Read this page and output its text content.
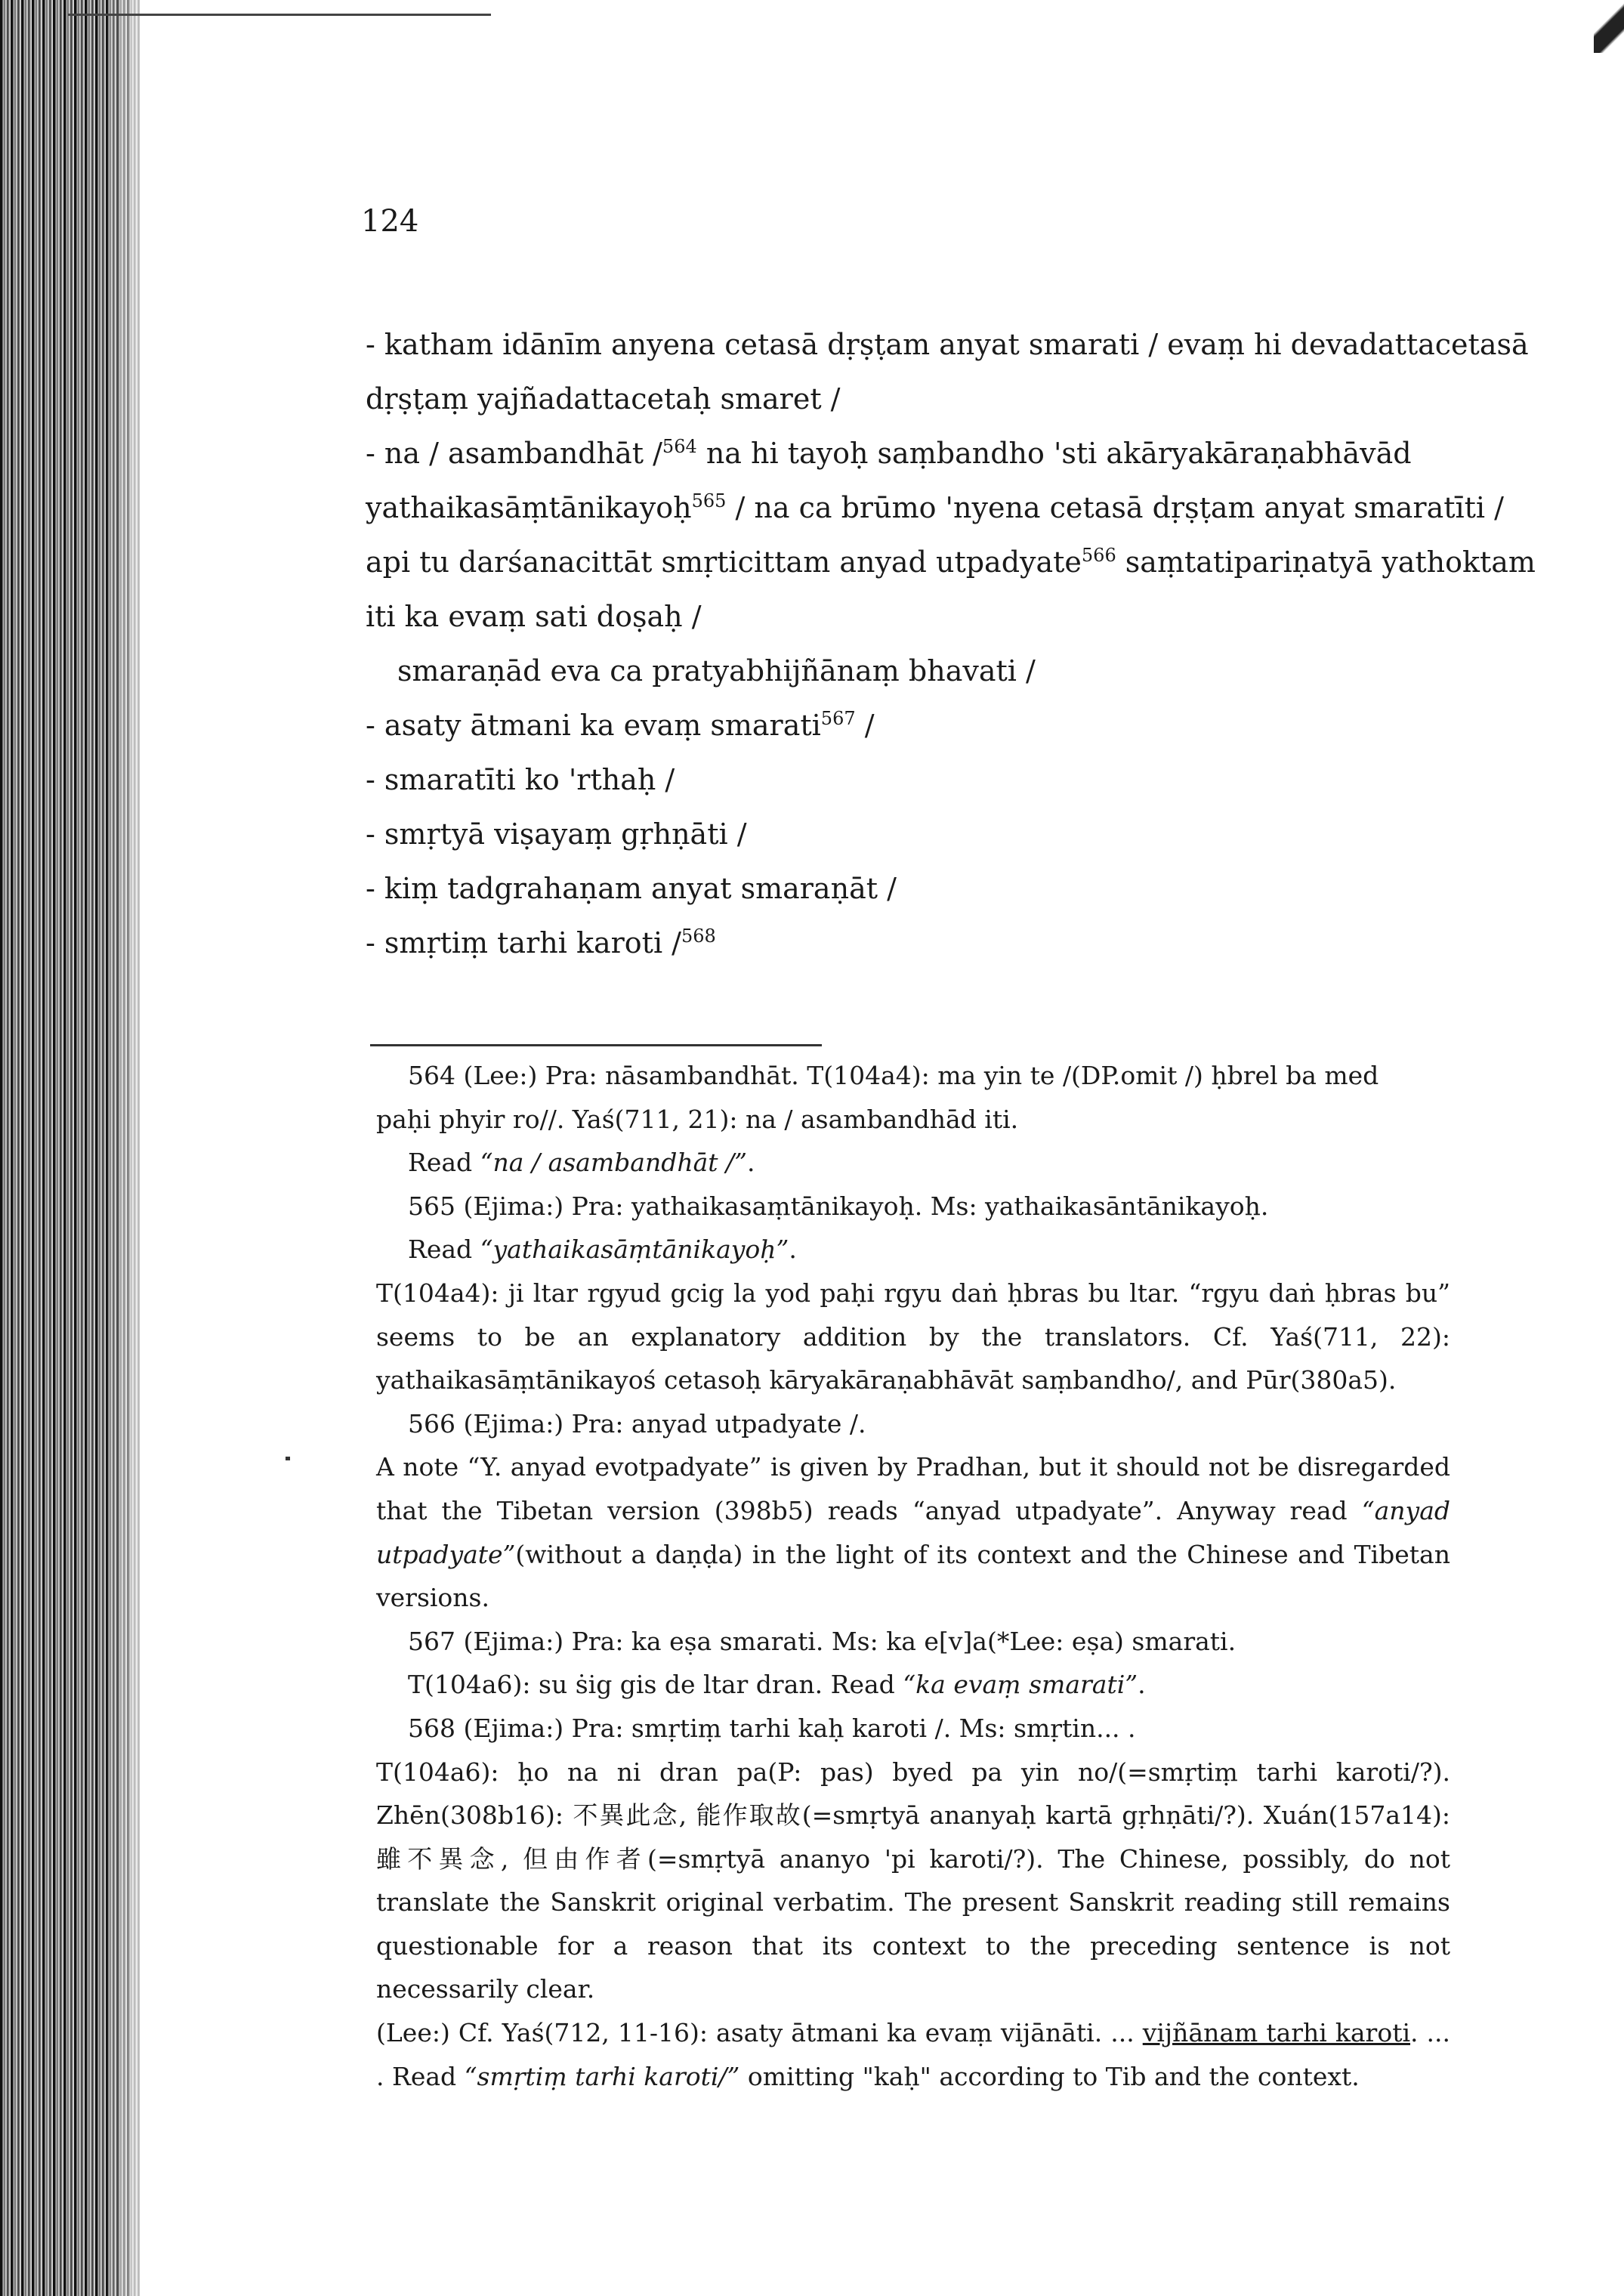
124

- katham idānīm anyena cetasā dṛṣṭam anyat smarati / evaṃ hi devadattacetasā

dṛṣṭaṃ yajñadattacetaḥ smaret /

- na / asambandhāt /$^{564}$ na hi tayoḥ saṃbandho 'sti akāryakāraṇabhāvād

yathaikasāṃtānikayoḥ$^{565}$ / na ca brūmo 'nyena cetasā dṛṣṭam anyat smaratīti /

api tu darśanacittāt smṛticittam anyad utpadyate$^{566}$ saṃtatipariṇatyā yathoktam

iti ka evaṃ sati doṣaḥ /

smaraṇād eva ca pratyabhijñānaṃ bhavati /

- asaty ātmani ka evaṃ smarati$^{567}$ /

- smaratīti ko 'rthaḥ /

- smṛtyā viṣayaṃ gṛhṇāti /

- kiṃ tadgrahaṇam anyat smaraṇāt /

- smṛtiṃ tarhi karoti /$^{568}$

564 (Lee:) Pra: nāsambandhāt. T(104a4): ma yin te /(DP.omit /) ḥbrel ba med

paḥi phyir ro//. Yaś(711, 21): na / asambandhād iti.

Read “na / asambandhāt /”.

565 (Ejima:) Pra: yathaikasaṃtānikayoḥ. Ms: yathaikasāntānikayoḥ.

Read “yathaikasāṃtānikayoḥ”.

T(104a4): ji ltar rgyud gcig la yod paḥi rgyu daṅ ḥbras bu ltar. “rgyu daṅ ḥbras bu” seems to be an explanatory addition by the translators. Cf. Yaś(711, 22): yathaikasāṃtānikayoś cetasoḥ kāryakāraṇabhāvāt saṃbandho/, and Pūr(380a5).

566 (Ejima:) Pra: anyad utpadyate /.

A note “Y. anyad evotpadyate” is given by Pradhan, but it should not be disregarded that the Tibetan version (398b5) reads “anyad utpadyate”. Anyway read “anyad utpadyate”(without a daṇḍa) in the light of its context and the Chinese and Tibetan versions.

567 (Ejima:) Pra: ka eṣa smarati. Ms: ka e[v]a(*Lee: eṣa) smarati.

T(104a6): su ṡig gis de ltar dran. Read “ka evaṃ smarati”.

568 (Ejima:) Pra: smṛtiṃ tarhi kaḥ karoti /. Ms: smṛtin... .

T(104a6): ḥo na ni dran pa(P: pas) byed pa yin no/(=smṛtiṃ tarhi karoti/?). Zhēn(308b16): 不異此念, 能作取故(=smṛtyā ananyaḥ kartā gṛhṇāti/?). Xuán(157a14): 雖不異念, 但由作者(=smṛtyā ananyo 'pi karoti/?). The Chinese, possibly, do not translate the Sanskrit original verbatim. The present Sanskrit reading still remains questionable for a reason that its context to the preceding sentence is not necessarily clear.

(Lee:) Cf. Yaś(712, 11-16): asaty ātmani ka evaṃ vijānāti. ... vijñānam tarhi karoti. ... . Read “smṛtiṃ tarhi karoti/” omitting "kaḥ" according to Tib and the context.
